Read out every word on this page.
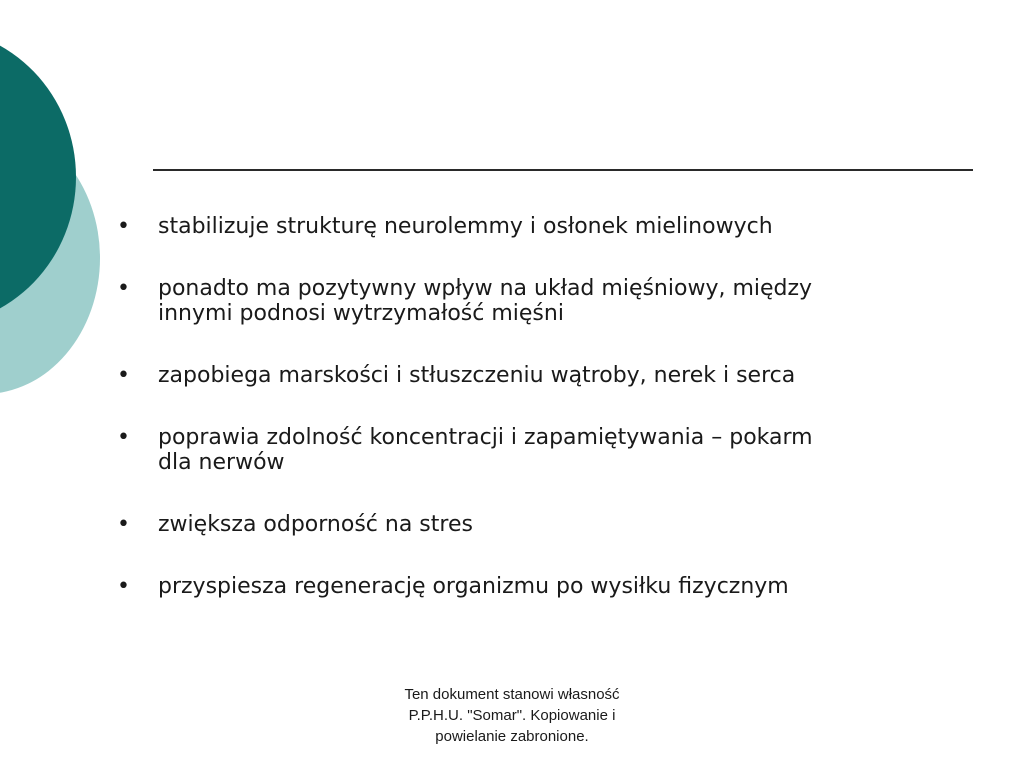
•	stabilizuje strukturę neurolemmy i osłonek mielinowych
•	ponadto ma pozytywny wpływ na układ mięśniowy, między
innymi podnosi wytrzymałość mięśni
•	zapobiega marskości i stłuszczeniu wątroby, nerek i serca
•	poprawia zdolność koncentracji i zapamiętywania – pokarm
dla nerwów
•	zwiększa odporność na stres
•	przyspiesza regenerację organizmu po wysiłku fizycznym
Ten dokument stanowi własność
P.P.H.U. "Somar". Kopiowanie i
powielanie zabronione.
